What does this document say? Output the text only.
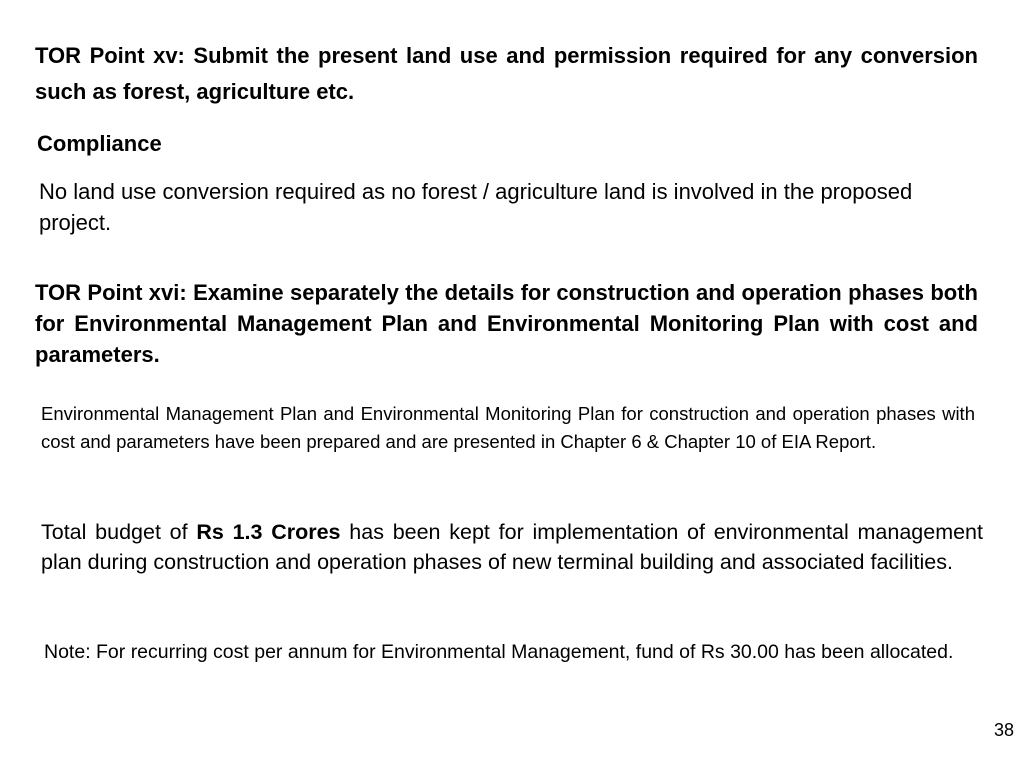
TOR Point xv: Submit the present land use and permission required for any conversion such as forest, agriculture etc.

Compliance

No land use conversion required as no forest / agriculture land is involved in the proposed project.

TOR Point xvi: Examine separately the details for construction and operation phases both for Environmental Management Plan and Environmental Monitoring Plan with cost and parameters.

Environmental Management Plan and Environmental Monitoring Plan for construction and operation phases with cost and parameters have been prepared and are presented in Chapter 6 & Chapter 10 of EIA Report.

Total budget of Rs 1.3 Crores has been kept for implementation of environmental management plan during construction and operation phases of new terminal building and associated facilities.

Note: For recurring cost per annum for Environmental Management, fund of Rs 30.00 has been allocated.

38
